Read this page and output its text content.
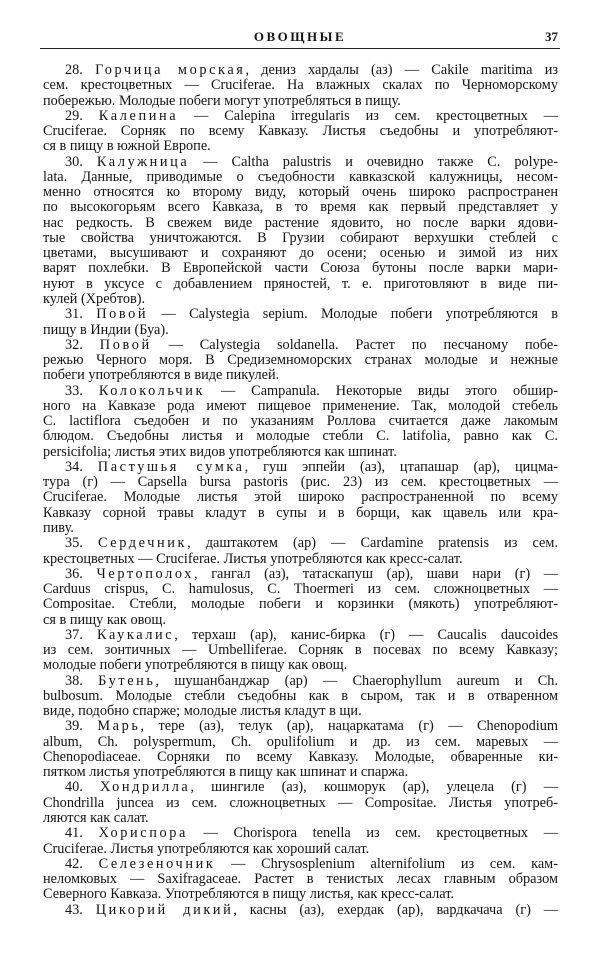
ОВОЩНЫЕ	37
28. Горчица морская, дениз хардалы (аз) — Cakile maritima из
сем. крестоцветных — Cruciferae. На влажных скалах по Черноморскому
побережью. Молодые побеги могут употребляться в пищу.
29. Калепина — Calepina irregularis из сем. крестоцветных —
Cruciferae. Сорняк по всему Кавказу. Листья съедобны и употребляют-
ся в пищу в южной Европе.
30. Калужница — Caltha palustris и очевидно также C. polype-
lata. Данные, приводимые о съедобности кавказской калужницы, несом-
менно относятся ко второму виду, который очень широко распространен
по высокогорьям всего Кавказа, в то время как первый представляет у
нас редкость. В свежем виде растение ядовито, но после варки ядови-
тые свойства уничтожаются. В Грузии собирают верхушки стеблей с
цветами, высушивают и сохраняют до осени; осенью и зимой из них
варят похлебки. В Европейской части Союза бутоны после варки мари-
нуют в уксусе с добавлением пряностей, т. е. приготовляют в виде пи-
кулей (Хребтов).
31. Повой — Calystegia sepium. Молодые побеги употребляются в
пищу в Индии (Буа).
32. Повой — Calystegia soldanella. Растет по песчаному побе-
режью Черного моря. В Средиземноморских странах молодые и нежные
побеги употребляются в виде пикулей.
33. Колокольчик — Campanula. Некоторые виды этого обшир-
ного на Кавказе рода имеют пищевое применение. Так, молодой стебель
C. lactiflora съедобен и по указаниям Роллова считается даже лакомым
блюдом. Съедобны листья и молодые стебли C. latifolia, равно как C.
persicifolia; листья этих видов употребляются как шпинат.
34. Пастушья сумка, гуш эппейи (аз), цтапашар (ар), цицма-
тура (г) — Capsella bursa pastoris (рис. 23) из сем. крестоцветных —
Cruciferae. Молодые листья этой широко распространенной по всему
Кавказу сорной травы кладут в супы и в борщи, как щавель или кра-
пиву.
35. Сердечник, даштакотем (ар) — Cardamine pratensis из сем.
крестоцветных — Cruciferae. Листья употребляются как кресс-салат.
36. Чертополох, гангал (аз), татаскапуш (ар), шави нари (г) —
Carduus crispus, C. hamulosus, C. Thoermeri из сем. сложноцветных —
Compositae. Стебли, молодые побеги и корзинки (мякоть) употребляют-
ся в пищу как овощ.
37. Каукалис, терхаш (ар), канис-бирка (г) — Caucalis daucoides
из сем. зонтичных — Umbelliferae. Сорняк в посевах по всему Кавказу;
молодые побеги употребляются в пищу как овощ.
38. Бутень, шушанбанджар (ар) — Chaerophyllum aureum и Ch.
bulbosum. Молодые стебли съедобны как в сыром, так и в отваренном
виде, подобно спарже; молодые листья кладут в щи.
39. Марь, тере (аз), телук (ар), нацаркатама (г) — Chenopodium
album, Ch. polyspermum, Ch. opulifolium и др. из сем. маревых —
Chenopodiaceae. Сорняки по всему Кавказу. Молодые, обваренные ки-
пятком листья употребляются в пищу как шпинат и спаржа.
40. Хондрилла, шингиле (аз), кошморук (ар), улецела (г) —
Chondrilla juncea из сем. сложноцветных — Compositae. Листья употреб-
ляются как салат.
41. Хориспора — Chorispora tenella из сем. крестоцветных —
Cruciferae. Листья употребляются как хороший салат.
42. Селезеночник — Chrysosplenium alternifolium из сем. кам-
неломковых — Saxifragaceae. Растет в тенистых лесах главным образом
Северного Кавказа. Употребляются в пищу листья, как кресс-салат.
43. Цикорий дикий, касны (аз), ехердак (ар), вардкачача (г) —
